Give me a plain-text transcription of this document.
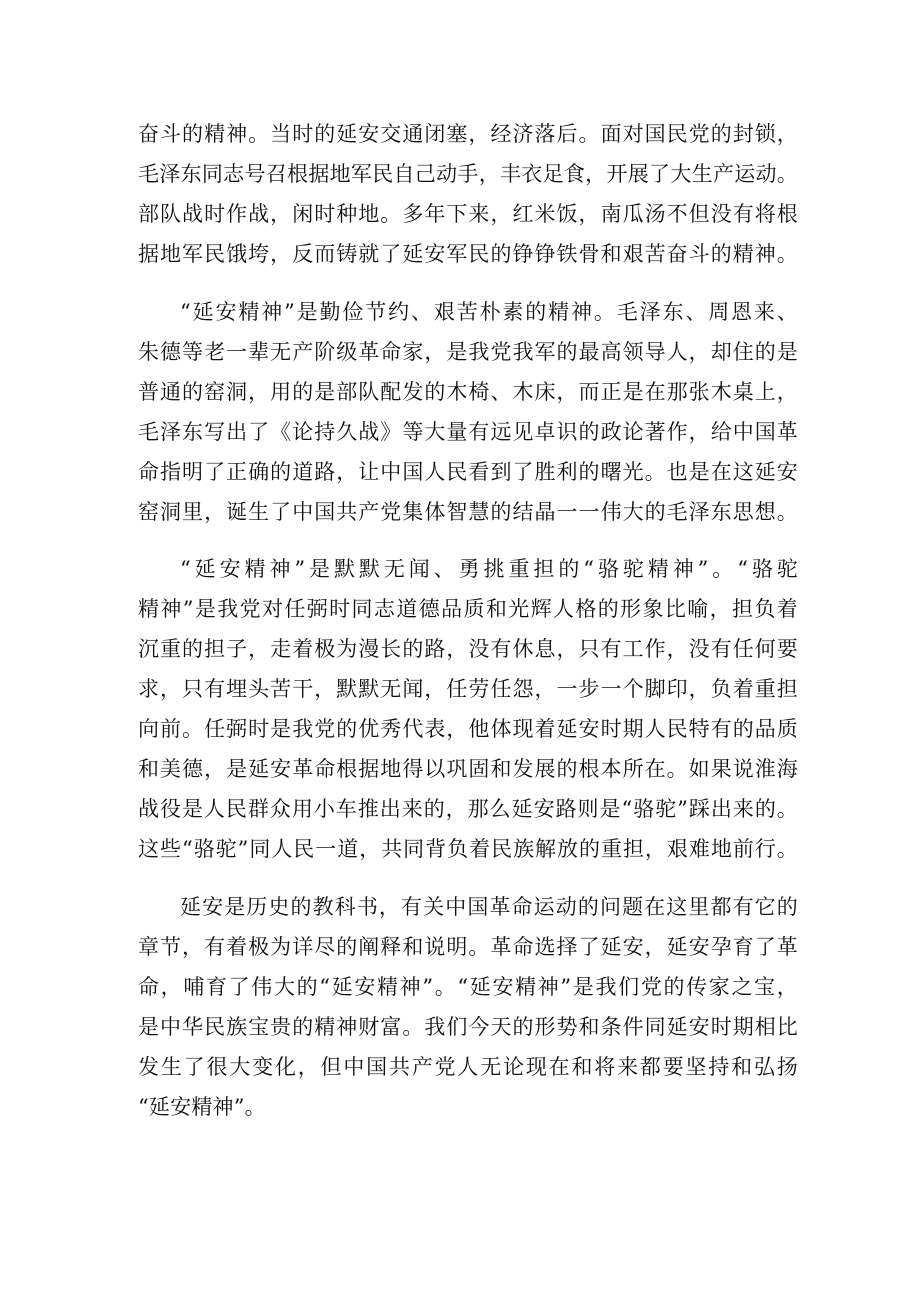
奋斗的精神。当时的延安交通闭塞，经济落后。面对国民党的封锁，
毛泽东同志号召根据地军民自己动手，丰衣足食，开展了大生产运动。
部队战时作战，闲时种地。多年下来，红米饭，南瓜汤不但没有将根
据地军民饿垮，反而铸就了延安军民的铮铮铁骨和艰苦奋斗的精神。
“延安精神”是勤俭节约、艰苦朴素的精神。毛泽东、周恩来、
朱德等老一辈无产阶级革命家，是我党我军的最高领导人，却住的是
普通的窑洞，用的是部队配发的木椅、木床，而正是在那张木桌上，
毛泽东写出了《论持久战》等大量有远见卓识的政论著作，给中国革
命指明了正确的道路，让中国人民看到了胜利的曙光。也是在这延安
窑洞里，诞生了中国共产党集体智慧的结晶一一伟大的毛泽东思想。
“延安精神”是默默无闻、勇挑重担的“骆驼精神”。“骆驼
精神”是我党对任弼时同志道德品质和光辉人格的形象比喻，担负着
沉重的担子，走着极为漫长的路，没有休息，只有工作，没有任何要
求，只有埋头苦干，默默无闻，任劳任怨，一步一个脚印，负着重担
向前。任弼时是我党的优秀代表，他体现着延安时期人民特有的品质
和美德，是延安革命根据地得以巩固和发展的根本所在。如果说淮海
战役是人民群众用小车推出来的，那么延安路则是“骆驼”踩出来的。
这些“骆驼”同人民一道，共同背负着民族解放的重担，艰难地前行。
延安是历史的教科书，有关中国革命运动的问题在这里都有它的
章节，有着极为详尽的阐释和说明。革命选择了延安，延安孕育了革
命，哺育了伟大的“延安精神”。“延安精神”是我们党的传家之宝，
是中华民族宝贵的精神财富。我们今天的形势和条件同延安时期相比
发生了很大变化，但中国共产党人无论现在和将来都要坚持和弘扬
“延安精神”。
